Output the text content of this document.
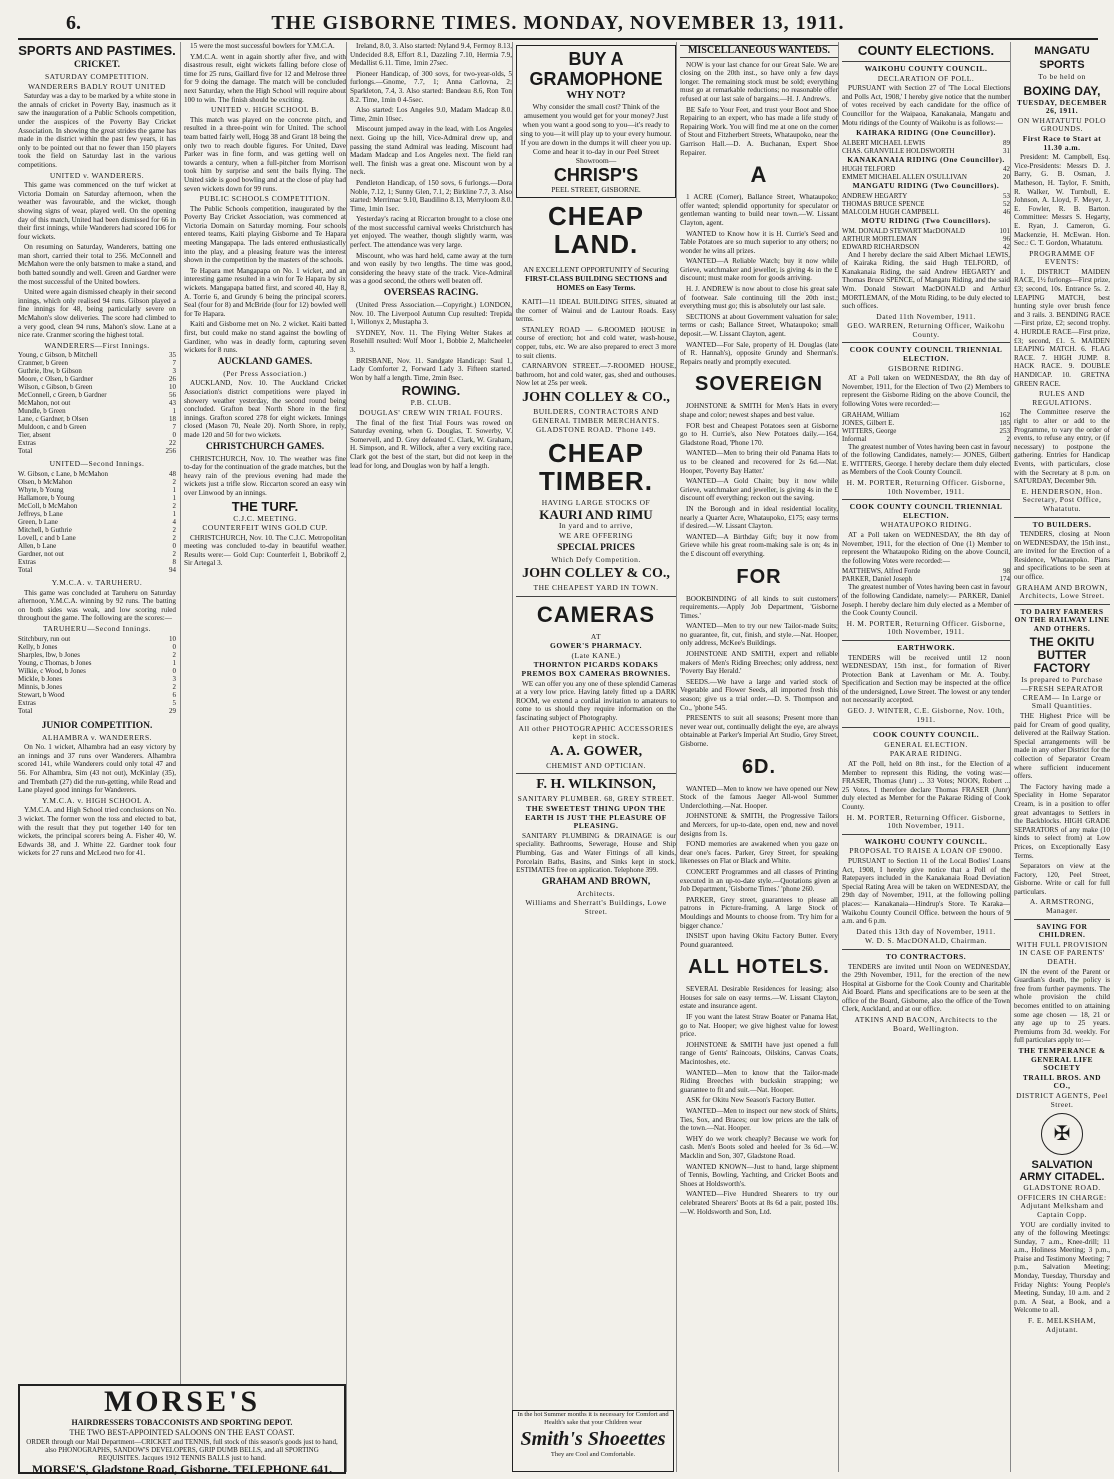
6.	THE GISBORNE TIMES. MONDAY, NOVEMBER 13, 1911.
SPORTS AND PASTIMES.
CRICKET.
SATURDAY COMPETITION.
WANDERERS BADLY ROUT UNITED

Saturday was a day to be marked by a white stone in the annals of cricket in Poverty Bay, inasmuch as it saw the inauguration of a Public Schools competition, under the auspices of the Poverty Bay Cricket Association. In showing the great strides the game has made in the district within the past few years, it has only to be pointed out that no fewer than 150 players took the field on Saturday last in the various competitions.

UNITED v. WANDERERS.

This game was commenced on the turf wicket at Victoria Domain on Saturday afternoon, when the weather was favourable, and the wicket, though showing signs of wear, played well. On the opening day of this match, United had been dismissed for 66 in their first innings, while Wanderers had scored 106 for four wickets.

On resuming on Saturday, Wanderers, batting one man short, carried their total to 256. McConnell and McMahon were the only batsmen to make a stand, and both batted soundly and well. Green and Gardner were the most successful of the United bowlers.

United were again dismissed cheaply in their second innings, which only realised 94 runs. Gibson played a fine innings for 48, being particularly severe on McMahon's slow deliveries. The score had climbed to a very good, clean 94 runs, Mahon's slow. Lane at a nice rate. Cranmer scoring the highest total.

WANDERERS—First Innings.
Young, c Gibson, b Mitchell	35
Cranmer, b Green	7
Guthrie, lbw, b Gibson	3
Moore, c Olsen, b Gardner	26
Wilson, c Gibson, b Green	10
McConnell, c Green, b Gardner	56
McMahon, not out	43
Mundle, b Green	1
Lane, c Gardner, b Olsen	18
Muldoon, c and b Green	7
Tier, absent	0
Extras	22
Total	256
UNITED—Second Innings.
W. Gibson, c Lane, b McMahon	48
Olsen, b McMahon	2
Whyte, b Young	1
Hallamore, b Young	1
McColl, b McMahon	2
Jeffreys, b Lane	1
Green, b Lane	4
Mitchell, b Guthrie	2
Lovell, c and b Lane	2
Allen, b Lane	0
Gardner, not out	2
Extras	8
Total	94
Y.M.C.A. v. TARUHERU.

This game was concluded at Taruheru on Saturday afternoon, Y.M.C.A. winning by 92 runs. The batting on both sides was weak, and low scoring ruled throughout the game. The following are the scores:—

TARUHERU—Second Innings.
Stitchbury, run out	10
Kelly, b Jones	0
Sharples, lbw, b Jones	2
Young, c Thomas, b Jones	1
Wilkie, c Wood, b Jones	0
Mickle, b Jones	3
Minnis, b Jones	2
Stewart, b Wood	6
Extras	5
Total	29
JUNIOR COMPETITION.
ALHAMBRA v. WANDERERS.

On No. 1 wicket, Alhambra had an easy victory by an innings and 37 runs over Wanderers. Alhambra scored 141, while Wanderers could only total 47 and 56. For Alhambra, Sim (43 not out), McKinlay (35), and Trembath (27) did the run-getting, while Read and Lane played good innings for Wanderers.

Y.M.C.A. v. HIGH SCHOOL A.

Y.M.C.A. and High School tried conclusions on No. 3 wicket. The former won the toss and elected to bat, with the result that they put together 140 for ten wickets, the principal scorers being A. Fisher 40, W. Edwards 38, and J. Whitte 22. Gardner took four wickets for 27 runs and McLeod two for 41.

15 were the most successful bowlers for Y.M.C.A.

Y.M.C.A. went in again shortly after five, and with disastrous result, eight wickets falling before close of time for 25 runs, Gaillard five for 12 and Melrose three for 9 doing the damage. The match will be concluded next Saturday, when the High School will require about 100 to win. The finish should be exciting.

UNITED v. HIGH SCHOOL B.

This match was played on the concrete pitch, and resulted in a three-point win for United. The school team batted fairly well, Hogg 38 and Grant 18 being the only two to reach double figures. For United, Dave Parker was in fine form, and was getting well on towards a century, when a full-pitcher from Morrison took him by surprise and sent the bails flying. The United side is good bowling and at the close of play had seven wickets down for 99 runs.

PUBLIC SCHOOLS COMPETITION.

The Public Schools competition, inaugurated by the Poverty Bay Cricket Association, was commenced at Victoria Domain on Saturday morning. Four schools entered teams, Kaiti playing Gisborne and Te Hapara meeting Mangapapa. The lads entered enthusiastically into the play, and a pleasing feature was the interest shown in the competition by the masters of the schools.

Te Hapara met Mangapapa on No. 1 wicket, and an interesting game resulted in a win for Te Hapara by six wickets. Mangapapa batted first, and scored 40, Hay 8, A. Torrie 6, and Grundy 6 being the principal scorers. Seal (four for 8) and McBride (four for 12) bowled well for Te Hapara.

Kaiti and Gisborne met on No. 2 wicket. Kaiti batted first, but could make no stand against the bowling of Gardiner, who was in deadly form, capturing seven wickets for 8 runs.

AUCKLAND GAMES.
(Per Press Association.)

AUCKLAND, Nov. 10. The Auckland Cricket Association's district competitions were played in showery weather yesterday, the second round being concluded. Grafton beat North Shore in the first innings. Grafton scored 278 for eight wickets. Innings closed (Mason 70, Neale 20). North Shore, in reply, made 120 and 50 for two wickets.

CHRISTCHURCH GAMES.

CHRISTCHURCH, Nov. 10. The weather was fine to-day for the continuation of the grade matches, but the heavy rain of the previous evening had made the wickets just a trifle slow. Riccarton scored an easy win over Linwood by an innings.

THE TURF.
C.J.C. MEETING.
COUNTERFEIT WINS GOLD CUP.

CHRISTCHURCH, Nov. 10. The C.J.C. Metropolitan meeting was concluded to-day in beautiful weather. Results were:— Gold Cup: Counterfeit 1, Bobrikoff 2, Sir Artegal 3.

Ireland, 8.0, 3. Also started: Nyland 9.4, Fermoy 8.13, Undecided 8.8, Effort 8.1, Dazzling 7.10, Hermia 7.9, Medallist 6.11. Time, 1min 27sec.

Pioneer Handicap, of 300 sovs, for two-year-olds, 5 furlongs.—Gnome, 7.7, 1; Anna Carlovna, 2; Sparkleton, 7.4, 3. Also started: Bandeau 8.6, Ron Ton 8.2. Time, 1min 0 4-5sec.

Also started: Los Angeles 9.0, Madam Madcap 8.0. Time, 2min 10sec.

Miscount jumped away in the lead, with Los Angeles next. Going up the hill, Vice-Admiral drew up, and passing the stand Admiral was leading. Miscount had Madam Madcap and Los Angeles next. The field ran well. The finish was a great one. Miscount won by a neck.

Pendleton Handicap, of 150 sovs, 6 furlongs.—Dora Noble, 7.12, 1; Sunny Glen, 7.1, 2; Birkline 7.7, 3. Also started: Merrimac 9.10, Baudilino 8.13, Merryloom 8.0. Time, 1min 1sec.

Yesterday's racing at Riccarton brought to a close one of the most successful carnival weeks Christchurch has yet enjoyed. The weather, though slightly warm, was perfect. The attendance was very large.

Miscount, who was hard held, came away at the turn and won easily by two lengths. The time was good, considering the heavy state of the track. Vice-Admiral was a good second, the others well beaten off.

OVERSEAS RACING.

(United Press Association.—Copyright.) LONDON, Nov. 10. The Liverpool Autumn Cup resulted: Trepida 1, Willonyx 2, Mustapha 3.

SYDNEY, Nov. 11. The Flying Welter Stakes at Rosehill resulted: Wolf Moor 1, Bobbie 2, Maltcheeler 3.

BRISBANE, Nov. 11. Sandgate Handicap: Saul 1, Lady Comforter 2, Forward Lady 3. Fifteen started. Won by half a length. Time, 2min 8sec.

ROWING.
P.B. CLUB.
DOUGLAS' CREW WIN TRIAL FOURS.

The final of the first Trial Fours was rowed on Saturday evening, when G. Douglas, T. Sowerby, V. Somervell, and D. Grey defeated C. Clark, W. Graham, H. Simpson, and R. Willock, after a very exciting race. Clark got the best of the start, but did not keep in the lead for long, and Douglas won by half a length.

BUY A GRAMOPHONE
WHY NOT?
Why consider the small cost? Think of the amusement you would get for your money? Just when you want a good song to you—it's ready to sing to you—it will play up to your every humour.
If you are down in the dumps it will cheer you up. Come and hear it to-day in our Peel Street Showroom—
CHRISP'S
PEEL STREET, GISBORNE.
CHEAP LAND.
AN EXCELLENT OPPORTUNITY of Securing
FIRST-CLASS BUILDING SECTIONS and HOMES on Easy Terms.

KAITI—11 IDEAL BUILDING SITES, situated at the corner of Wainui and de Lautour Roads. Easy terms.

STANLEY ROAD — 6-ROOMED HOUSE in course of erection; hot and cold water, wash-house, copper, tubs, etc. We are also prepared to erect 3 more to suit clients.

CARNARVON STREET.—7-ROOMED HOUSE, bathroom, hot and cold water, gas, shed and outhouses. Now let at 25s per week.

JOHN COLLEY & CO.,
BUILDERS, CONTRACTORS AND GENERAL TIMBER MERCHANTS.
GLADSTONE ROAD. 'Phone 149.
CHEAP TIMBER.
HAVING LARGE STOCKS OF
KAURI AND RIMU
In yard and to arrive,
WE ARE OFFERING
SPECIAL PRICES
Which Defy Competition.
JOHN COLLEY & CO.,
THE CHEAPEST YARD IN TOWN.
CAMERAS
AT
GOWER'S PHARMACY.
(Late KANE.)
THORNTON PICARDS KODAKS PREMOS BOX CAMERAS BROWNIES.

WE can offer you any one of these splendid Cameras at a very low price. Having lately fitted up a DARK ROOM, we extend a cordial invitation to amateurs to come to us should they require information on the fascinating subject of Photography.

All other PHOTOGRAPHIC ACCESSORIES kept in stock.
A. A. GOWER,
CHEMIST AND OPTICIAN.
F. H. WILKINSON,
SANITARY PLUMBER. 68, GREY STREET.
THE SWEETEST THING UPON THE EARTH IS JUST THE PLEASURE OF PLEASING.

SANITARY PLUMBING & DRAINAGE is our speciality. Bathrooms, Sewerage, House and Ship Plumbing, Gas and Water Fittings of all kinds, Porcelain Baths, Basins, and Sinks kept in stock. ESTIMATES free on application. Telephone 399.

GRAHAM AND BROWN,
Architects.
Williams and Sherratt's Buildings, Lowe Street.
MISCELLANEOUS WANTEDS.

NOW is your last chance for our Great Sale. We are closing on the 20th inst., so have only a few days longer. The remaining stock must be sold; everything must go at remarkable reductions; no reasonable offer refused at our last sale of bargains.—H. J. Andrew's.

BE Safe to Your Feet, and trust your Boot and Shoe Repairing to an expert, who has made a life study of Repairing Work. You will find me at one on the corner of Stout and Fitzherbert Streets, Whataupoko, near the Garrison Hall.—D. A. Buchanan, Expert Shoe Repairer.

A

1 ACRE (Corner), Ballance Street, Whataupoko; offer wanted; splendid opportunity for speculator or gentleman wanting to build near town.—W. Lissant Clayton, agent.

WANTED to Know how it is H. Currie's Seed and Table Potatoes are so much superior to any others; no wonder he wins all prizes.

WANTED—A Reliable Watch; buy it now while Grieve, watchmaker and jeweller, is giving 4s in the £ discount; must make room for goods arriving.

H. J. ANDREW is now about to close his great sale of footwear. Sale continuing till the 20th inst.; everything must go; this is absolutely our last sale.

SECTIONS at about Government valuation for sale; terms or cash; Ballance Street, Whataupoko; small deposit.—W. Lissant Clayton, agent.

WANTED—For Sale, property of H. Douglas (late of R. Hannah's), opposite Grundy and Sherman's. Repairs neatly and promptly executed.

SOVEREIGN

JOHNSTONE & SMITH for Men's Hats in every shape and color; newest shapes and best value.

FOR best and Cheapest Potatoes seen at Gisborne go to H. Currie's, also New Potatoes daily.—164, Gladstone Road, 'Phone 170.

WANTED—Men to bring their old Panama Hats to us to be cleaned and recovered for 2s 6d.—Nat. Hooper, 'Poverty Bay Hatter.'

WANTED—A Gold Chain; buy it now while Grieve, watchmaker and jeweller, is giving 4s in the £ discount off everything; reckon out the saving.

IN the Borough and in ideal residential locality, nearly a Quarter Acre, Whataupoko, £175; easy terms if desired.—W. Lissant Clayton.

WANTED—A Birthday Gift; buy it now from Grieve while his great room-making sale is on; 4s in the £ discount off everything.

FOR

BOOKBINDING of all kinds to suit customers' requirements.—Apply Job Department, 'Gisborne Times.'

WANTED—Men to try our new Tailor-made Suits; no guarantee, fit, cut, finish, and style.—Nat. Hooper, only address, McKee's Buildings.

JOHNSTONE AND SMITH, expert and reliable makers of Men's Riding Breeches; only address, next 'Poverty Bay Herald.'

SEEDS.—We have a large and varied stock of Vegetable and Flower Seeds, all imported fresh this season; give us a trial order.—D. S. Thompson and Co., 'phone 545.

PRESENTS to suit all seasons; Present more than never wear out, continually delight the eye, are always obtainable at Parker's Imperial Art Studio, Grey Street, Gisborne.

6D.

WANTED—Men to know we have opened our New Stock of the famous Jaeger All-wool Summer Underclothing.—Nat. Hooper.

JOHNSTONE & SMITH, the Progressive Tailors and Mercers, for up-to-date, open end, new and novel designs from 1s.

FOND memories are awakened when you gaze on dear one's faces. Parker, Grey Street, for speaking likenesses on Flat or Black and White.

CONCERT Programmes and all classes of Printing executed in an up-to-date style.—Quotations given at Job Department, 'Gisborne Times.' 'phone 260.

PARKER, Grey street, guarantees to please all patrons in Picture-framing. A large Stock of Mouldings and Mounts to choose from. 'Try him for a bigger chance.'

INSIST upon having Okitu Factory Butter. Every Pound guaranteed.

ALL HOTELS.

SEVERAL Desirable Residences for leasing; also Houses for sale on easy terms.—W. Lissant Clayton, estate and insurance agent.

IF you want the latest Straw Boater or Panama Hat, go to Nat. Hooper; we give highest value for lowest price.

JOHNSTONE & SMITH have just opened a full range of Gents' Raincoats, Oilskins, Canvas Coats, Macintoshes, etc.

WANTED—Men to know that the Tailor-made Riding Breeches with buckskin strapping; we guarantee to fit and suit.—Nat. Hooper.

ASK for Okitu New Season's Factory Butter.

WANTED—Men to inspect our new stock of Shirts, Ties, Sox, and Braces; our low prices are the talk of the town.—Nat. Hooper.

WHY do we work cheaply? Because we work for cash. Men's Boots soled and heeled for 3s 6d.—W. Macklin and Son, 307, Gladstone Road.

WANTED KNOWN—Just to hand, large shipment of Tennis, Bowling, Yachting, and Cricket Boots and Shoes at Holdsworth's.

WANTED—Five Hundred Shearers to try our celebrated Shearers' Boots at 8s 6d a pair, posted 10s.—W. Holdsworth and Son, Ltd.

COUNTY ELECTIONS.
WAIKOHU COUNTY COUNCIL.
DECLARATION OF POLL.

PURSUANT with Section 27 of 'The Local Elections and Polls Act, 1908,' I hereby give notice that the number of votes received by each candidate for the office of Councillor for the Waipaoa, Kanakanaia, Mangatu and Motu ridings of the County of Waikohu is as follows:—

KAIRAKA RIDING (One Councillor).
ALBERT MICHAEL LEWIS	89
CHAS. GRANVILLE HOLDSWORTH	31
KANAKANAIA RIDING (One Councillor).
HUGH TELFORD	42
EMMET MICHAEL ALLEN O'SULLIVAN	20
MANGATU RIDING (Two Councillors).
ANDREW HEGARTY	53
THOMAS BRUCE SPENCE	52
MALCOLM HUGH CAMPBELL	46
MOTU RIDING (Two Councillors).
WM. DONALD STEWART MacDONALD	101
ARTHUR MORTLEMAN	96
EDWARD RICHARDSON	42

And I hereby declare the said Albert Michael LEWIS, of Kairaka Riding, the said Hugh TELFORD, of Kanakanaia Riding, the said Andrew HEGARTY and Thomas Bruce SPENCE, of Mangatu Riding, and the said Wm. Donald Stewart MacDONALD and Arthur MORTLEMAN, of the Motu Riding, to be duly elected to such offices.

Dated 11th November, 1911.
GEO. WARREN, Returning Officer, Waikohu County.
COOK COUNTY COUNCIL TRIENNIAL ELECTION.
GISBORNE RIDING.

AT a Poll taken on WEDNESDAY, the 8th day of November, 1911, for the Election of Two (2) Members to represent the Gisborne Riding on the above Council, the following Votes were recorded:—

GRAHAM, William	162
JONES, Gilbert E.	185
WITTERS, George	253
Informal	2

The greatest number of Votes having been cast in favour of the following Candidates, namely:— JONES, Gilbert E. WITTERS, George. I hereby declare them duly elected as Members of the Cook County Council.

H. M. PORTER, Returning Officer. Gisborne, 10th November, 1911.
COOK COUNTY COUNCIL TRIENNIAL ELECTION.
WHATAUPOKO RIDING.

AT a Poll taken on WEDNESDAY, the 8th day of November, 1911, for the election of One (1) Member to represent the Whataupoko Riding on the above Council, the following Votes were recorded:—

MATTHEWS, Alfred Forde	98
PARKER, Daniel Joseph	174

The greatest number of Votes having been cast in favour of the following Candidate, namely:— PARKER, Daniel Joseph. I hereby declare him duly elected as a Member of the Cook County Council.

H. M. PORTER, Returning Officer. Gisborne, 10th November, 1911.
EARTHWORK.

TENDERS will be received until 12 noon WEDNESDAY, 15th inst., for formation of River Protection Bank at Lavenham or Mr. A. Touby. Specification and Section may be inspected at the office of the undersigned, Lowe Street. The lowest or any tender not necessarily accepted.

GEO. J. WINTER, C.E. Gisborne, Nov. 10th, 1911.
COOK COUNTY COUNCIL.
GENERAL ELECTION.
PAKARAE RIDING.

AT the Poll, held on 8th inst., for the Election of a Member to represent this Riding, the voting was:— FRASER, Thomas (Junr) ... 33 Votes; NOON, Robert ... 25 Votes. I therefore declare Thomas FRASER (Junr) duly elected as Member for the Pakarae Riding of Cook County.

H. M. PORTER, Returning Officer. Gisborne, 10th November, 1911.
WAIKOHU COUNTY COUNCIL.
PROPOSAL TO RAISE A LOAN OF £9000.

PURSUANT to Section 11 of the Local Bodies' Loans Act, 1908, I hereby give notice that a Poll of the Ratepayers included in the Kanakanaia Road Deviation Special Rating Area will be taken on WEDNESDAY, the 29th day of November, 1911, at the following polling places:— Kanakanaia—Hindrup's Store. Te Karaka—Waikohu County Council Office. between the hours of 9 a.m. and 6 p.m.

Dated this 13th day of November, 1911.
W. D. S. MacDONALD, Chairman.
TO CONTRACTORS.

TENDERS are invited until Noon on WEDNESDAY, the 29th November, 1911, for the erection of the new Hospital at Gisborne for the Cook County and Charitable Aid Board. Plans and specifications are to be seen at the office of the Board, Gisborne, also the office of the Town Clerk, Auckland, and at our office.

ATKINS AND BACON, Architects to the Board, Wellington.
MANGATU SPORTS
To be held on
BOXING DAY,
TUESDAY, DECEMBER 26, 1911.
ON WHATATUTU POLO GROUNDS.
First Race to Start at 11.30 a.m.

President: M. Campbell, Esq. Vice-Presidents: Messrs D. J. Barry, G. B. Osman, J. Matheson, H. Taylor, F. Smith, R. Walker, W. Turnbull, E. Johnson, A. Lloyd, F. Meyer, J. E. Fowler, R. B. Barton. Committee: Messrs S. Hegarty, E. Ryan, J. Cameron, G. Mackenzie, H. McEwan. Hon. Sec.: C. T. Gordon, Whatatutu.

PROGRAMME OF EVENTS:

1. DISTRICT MAIDEN RACE, 1½ furlongs—First prize, £3; second, 10s. Entrance 5s. 2. LEAPING MATCH, best hunting style over brush fence and 3 rails. 3. BENDING RACE—First prize, £2; second trophy. 4. HURDLE RACE—First prize, £3; second, £1. 5. MAIDEN LEAPING MATCH. 6. FLAG RACE. 7. HIGH JUMP. 8. HACK RACE. 9. DOUBLE HANDICAP. 10. GRETNA GREEN RACE.

RULES AND REGULATIONS.

The Committee reserve the right to alter or add to the Programme, to vary the order of events, to refuse any entry, or (if necessary) to postpone the gathering. Entries for Handicap Events, with particulars, close with the Secretary at 8 p.m. on SATURDAY, December 9th.

E. HENDERSON, Hon. Secretary, Post Office, Whatatutu.
TO BUILDERS.

TENDERS, closing at Noon on WEDNESDAY, the 15th inst., are invited for the Erection of a Residence, Whataupoko. Plans and specifications to be seen at our office.

GRAHAM AND BROWN, Architects, Lowe Street.
TO DAIRY FARMERS ON THE RAILWAY LINE AND OTHERS.
THE OKITU BUTTER FACTORY
Is prepared to Purchase
—FRESH SEPARATOR CREAM— In Large or Small Quantities.

THE Highest Price will be paid for Cream of good quality, delivered at the Railway Station. Special arrangements will be made in any other District for the collection of Separator Cream where sufficient inducement offers.

The Factory having made a Speciality in Home Separator Cream, is in a position to offer great advantages to Settlers in the Backblocks. HIGH GRADE SEPARATORS of any make (10 kinds to select from) at Low Prices, on Exceptionally Easy Terms.

Separators on view at the Factory, 120, Peel Street, Gisborne. Write or call for full particulars.

A. ARMSTRONG, Manager.
SAVING FOR CHILDREN.
WITH FULL PROVISION IN CASE OF PARENTS' DEATH.

IN the event of the Parent or Guardian's death, the policy is free from further payments. The whole provision the child becomes entitled to on attaining some age chosen — 18, 21 or any age up to 25 years. Premiums from 3d. weekly. For full particulars apply to:—

THE TEMPERANCE & GENERAL LIFE SOCIETY
TRAILL BROS. AND CO.,
DISTRICT AGENTS, Peel Street.
✠
SALVATION ARMY CITADEL.
GLADSTONE ROAD.
OFFICERS IN CHARGE: Adjutant Melksham and Captain Copp.

YOU are cordially invited to any of the following Meetings: Sunday, 7 a.m., Knee-drill; 11 a.m., Holiness Meeting; 3 p.m., Praise and Testimony Meeting; 7 p.m., Salvation Meeting; Monday, Tuesday, Thursday and Friday Nights: Young People's Meeting, Sunday, 10 a.m. and 2 p.m. A Seat, a Book, and a Welcome to all.

F. E. MELKSHAM, Adjutant.
MORSE'S
HAIRDRESSERS TOBACCONISTS AND SPORTING DEPOT.
THE TWO BEST-APPOINTED SALOONS ON THE EAST COAST.
ORDER through our Mail Department—CRICKET and TENNIS, full stock of this season's goods just to hand, also PHONOGRAPHS, SANDOW'S DEVELOPERS, GRIP DUMB BELLS, and all SPORTING REQUISITES. Jacques 1912 TENNIS BALLS just to hand.
MORSE'S, Gladstone Road, Gisborne. TELEPHONE 641.
In the hot Summer months it is necessary for Comfort and Health's sake that your Children wear
Smith's Shoeettes
They are Cool and Comfortable.
